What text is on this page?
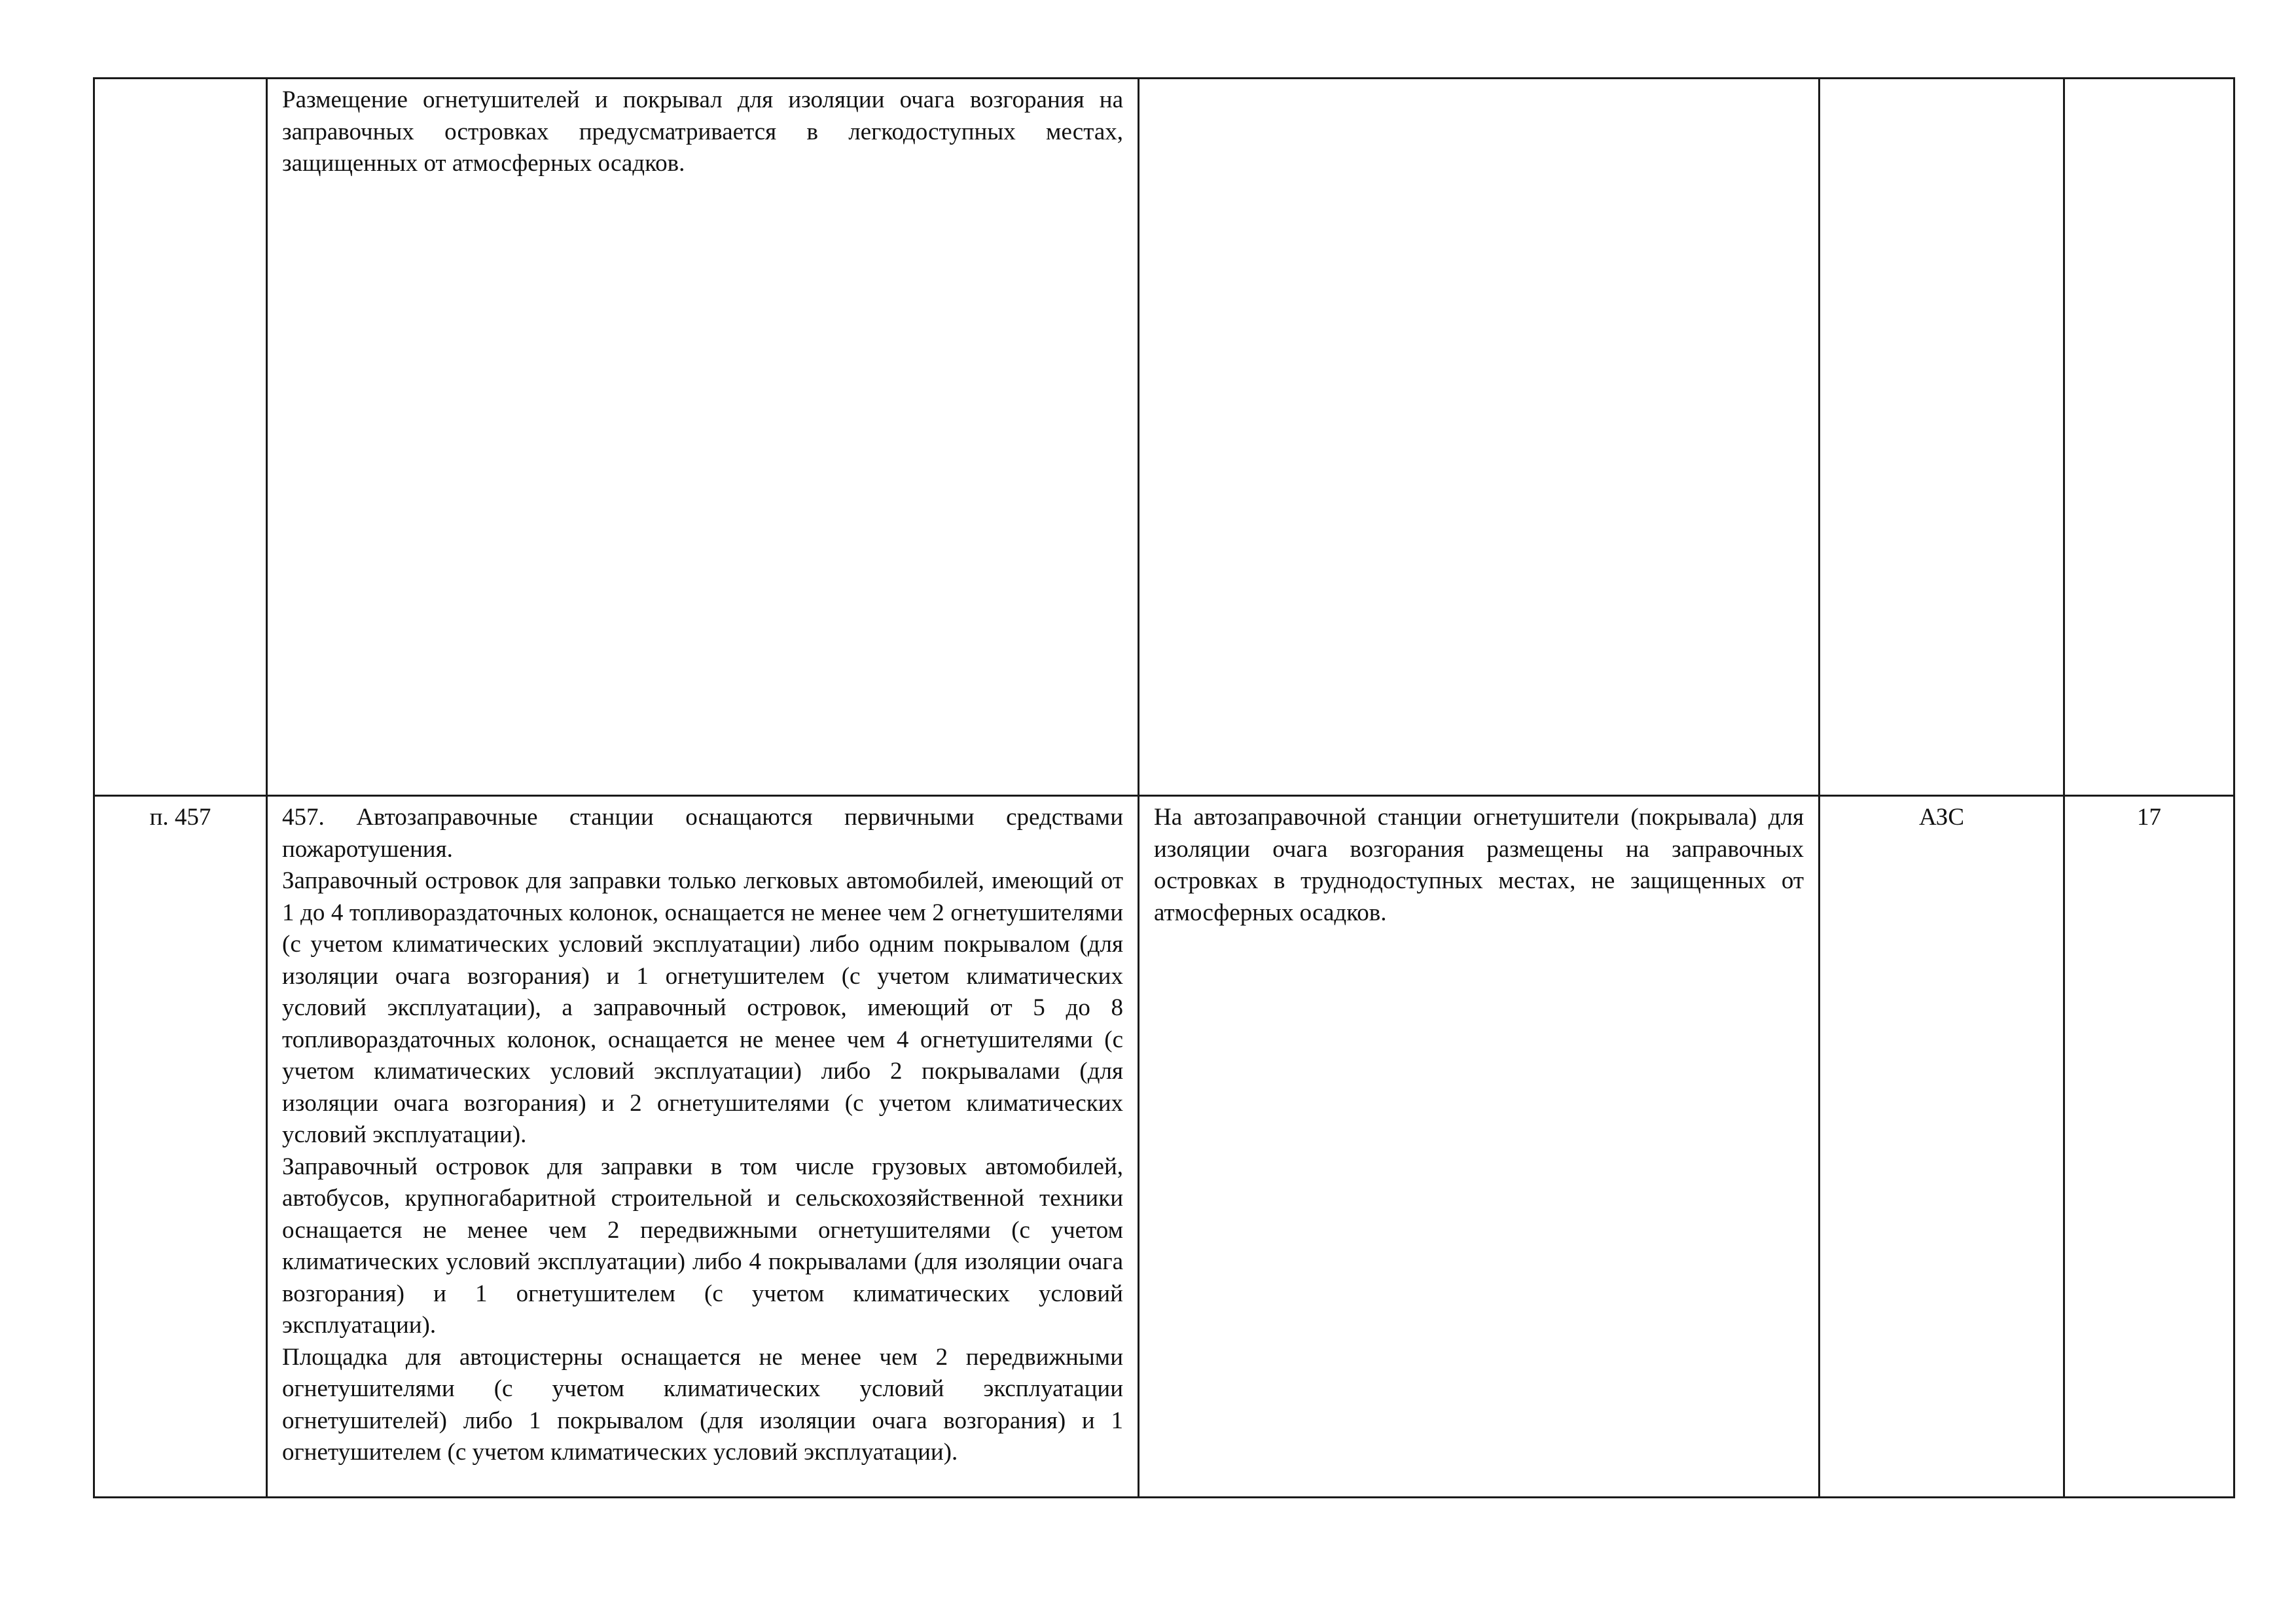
	Размещение огнетушителей и покрывал для изоляции очага возгорания на заправочных островках предусматривается в легкодоступных местах, защищенных от атмосферных осадков.			

п. 457	457. Автозаправочные станции оснащаются первичными средствами пожаротушения.
Заправочный островок для заправки только легковых автомобилей, имеющий от 1 до 4 топливораздаточных колонок, оснащается не менее чем 2 огнетушителями (с учетом климатических условий эксплуатации) либо одним покрывалом (для изоляции очага возгорания) и 1 огнетушителем (с учетом климатических условий эксплуатации), а заправочный островок, имеющий от 5 до 8 топливораздаточных колонок, оснащается не менее чем 4 огнетушителями (с учетом климатических условий эксплуатации) либо 2 покрывалами (для изоляции очага возгорания) и 2 огнетушителями (с учетом климатических условий эксплуатации).
Заправочный островок для заправки в том числе грузовых автомобилей, автобусов, крупногабаритной строительной и сельскохозяйственной техники оснащается не менее чем 2 передвижными огнетушителями (с учетом климатических условий эксплуатации) либо 4 покрывалами (для изоляции очага возгорания) и 1 огнетушителем (с учетом климатических условий эксплуатации).
Площадка для автоцистерны оснащается не менее чем 2 передвижными огнетушителями (с учетом климатических условий эксплуатации огнетушителей) либо 1 покрывалом (для изоляции очага возгорания) и 1 огнетушителем (с учетом климатических условий эксплуатации).	На автозаправочной станции огнетушители (покрывала) для изоляции очага возгорания размещены на заправочных островках в труднодоступных местах, не защищенных от атмосферных осадков.	АЗС	17
